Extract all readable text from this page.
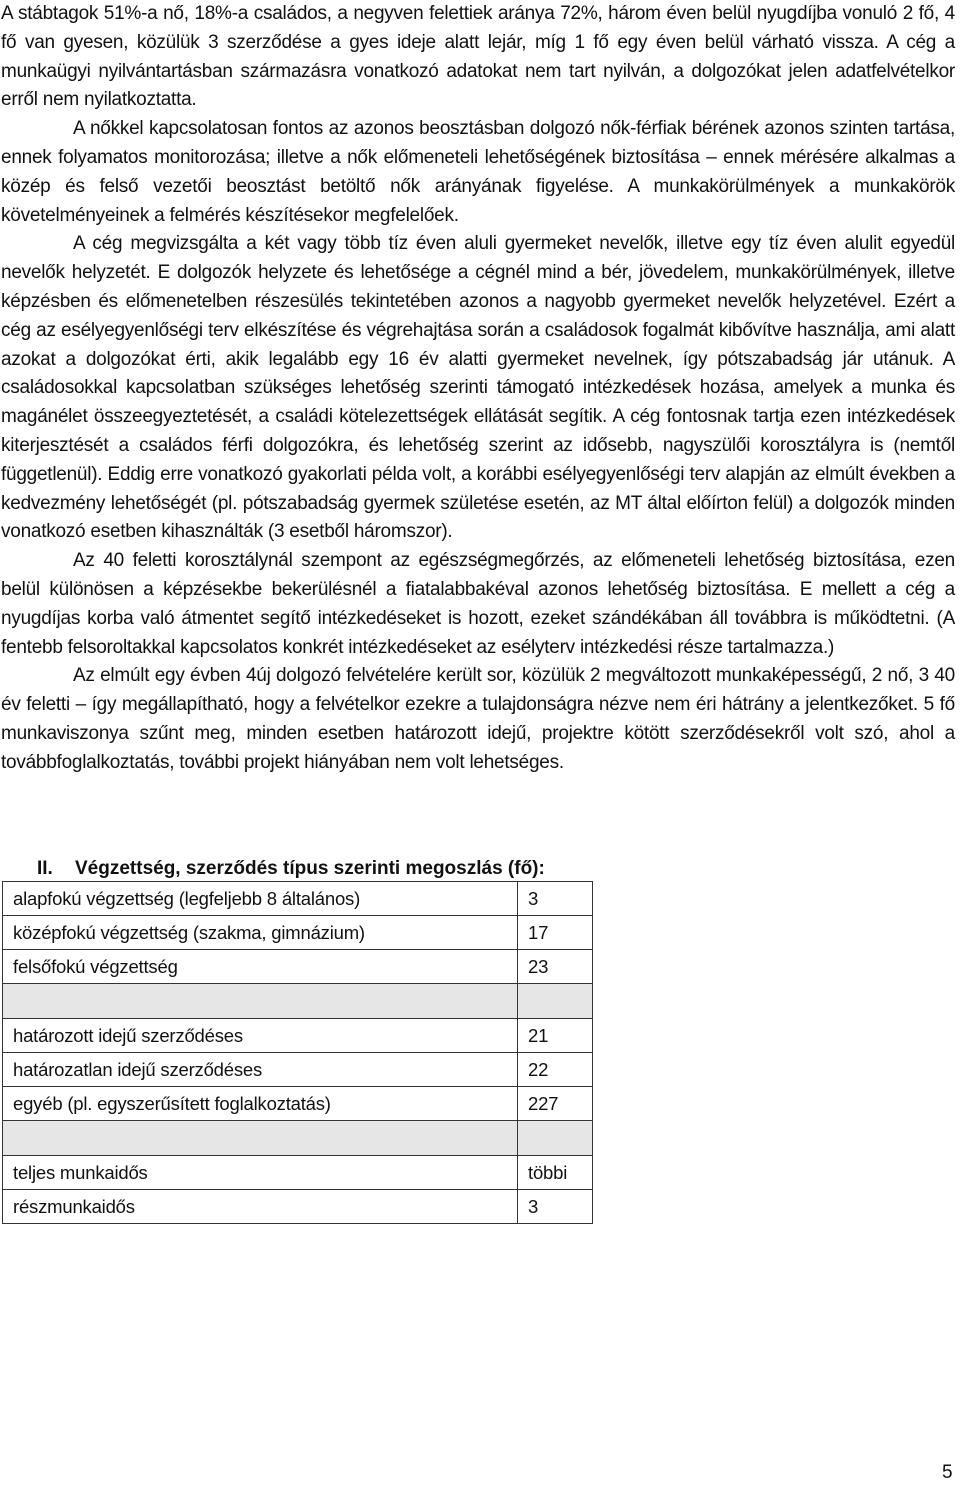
A stábtagok 51%-a nő, 18%-a családos, a negyven felettiek aránya 72%, három éven belül nyugdíjba vonuló 2 fő, 4 fő van gyesen, közülük 3 szerződése a gyes ideje alatt lejár, míg 1 fő egy éven belül várható vissza. A cég a munkaügyi nyilvántartásban származásra vonatkozó adatokat nem tart nyilván, a dolgozókat jelen adatfelvételkor erről nem nyilatkoztatta.

A nőkkel kapcsolatosan fontos az azonos beosztásban dolgozó nők-férfiak bérének azonos szinten tartása, ennek folyamatos monitorozása; illetve a nők előmeneteli lehetőségének biztosítása – ennek mérésére alkalmas a közép és felső vezetői beosztást betöltő nők arányának figyelése. A munkakörülmények a munkakörök követelményeinek a felmérés készítésekor megfelelőek.

A cég megvizsgálta a két vagy több tíz éven aluli gyermeket nevelők, illetve egy tíz éven alulit egyedül nevelők helyzetét. E dolgozók helyzete és lehetősége a cégnél mind a bér, jövedelem, munkakörülmények, illetve képzésben és előmenetelben részesülés tekintetében azonos a nagyobb gyermeket nevelők helyzetével. Ezért a cég az esélyegyenlőségi terv elkészítése és végrehajtása során a családosok fogalmát kibővítve használja, ami alatt azokat a dolgozókat érti, akik legalább egy 16 év alatti gyermeket nevelnek, így pótszabadság jár utánuk. A családosokkal kapcsolatban szükséges lehetőség szerinti támogató intézkedések hozása, amelyek a munka és magánélet összeegyeztetését, a családi kötelezettségek ellátását segítik. A cég fontosnak tartja ezen intézkedések kiterjesztését a családos férfi dolgozókra, és lehetőség szerint az idősebb, nagyszülői korosztályra is (nemtől függetlenül). Eddig erre vonatkozó gyakorlati példa volt, a korábbi esélyegyenlőségi terv alapján az elmúlt években a kedvezmény lehetőségét (pl. pótszabadság gyermek születése esetén, az MT által előírton felül) a dolgozók minden vonatkozó esetben kihasználták (3 esetből háromszor).

Az 40 feletti korosztálynál szempont az egészségmegőrzés, az előmeneteli lehetőség biztosítása, ezen belül különösen a képzésekbe bekerülésnél a fiatalabbakéval azonos lehetőség biztosítása. E mellett a cég a nyugdíjas korba való átmentet segítő intézkedéseket is hozott, ezeket szándékában áll továbbra is működtetni. (A fentebb felsoroltakkal kapcsolatos konkrét intézkedéseket az esélyterv intézkedési része tartalmazza.)

Az elmúlt egy évben 4új dolgozó felvételére került sor, közülük 2 megváltozott munkaképességű, 2 nő, 3 40 év feletti – így megállapítható, hogy a felvételkor ezekre a tulajdonságra nézve nem éri hátrány a jelentkezőket. 5 fő munkaviszonya szűnt meg, minden esetben határozott idejű, projektre kötött szerződésekről volt szó, ahol a továbbfoglalkoztatás, további projekt hiányában nem volt lehetséges.

II. Végzettség, szerződés típus szerinti megoszlás (fő):
alapfokú végzettség (legfeljebb 8 általános)	3
középfokú végzettség (szakma, gimnázium)	17
felsőfokú végzettség	23

határozott idejű szerződéses	21
határozatlan idejű szerződéses	22
egyéb (pl. egyszerűsített foglalkoztatás)	227

teljes munkaidős	többi
részmunkaidős	3
5
